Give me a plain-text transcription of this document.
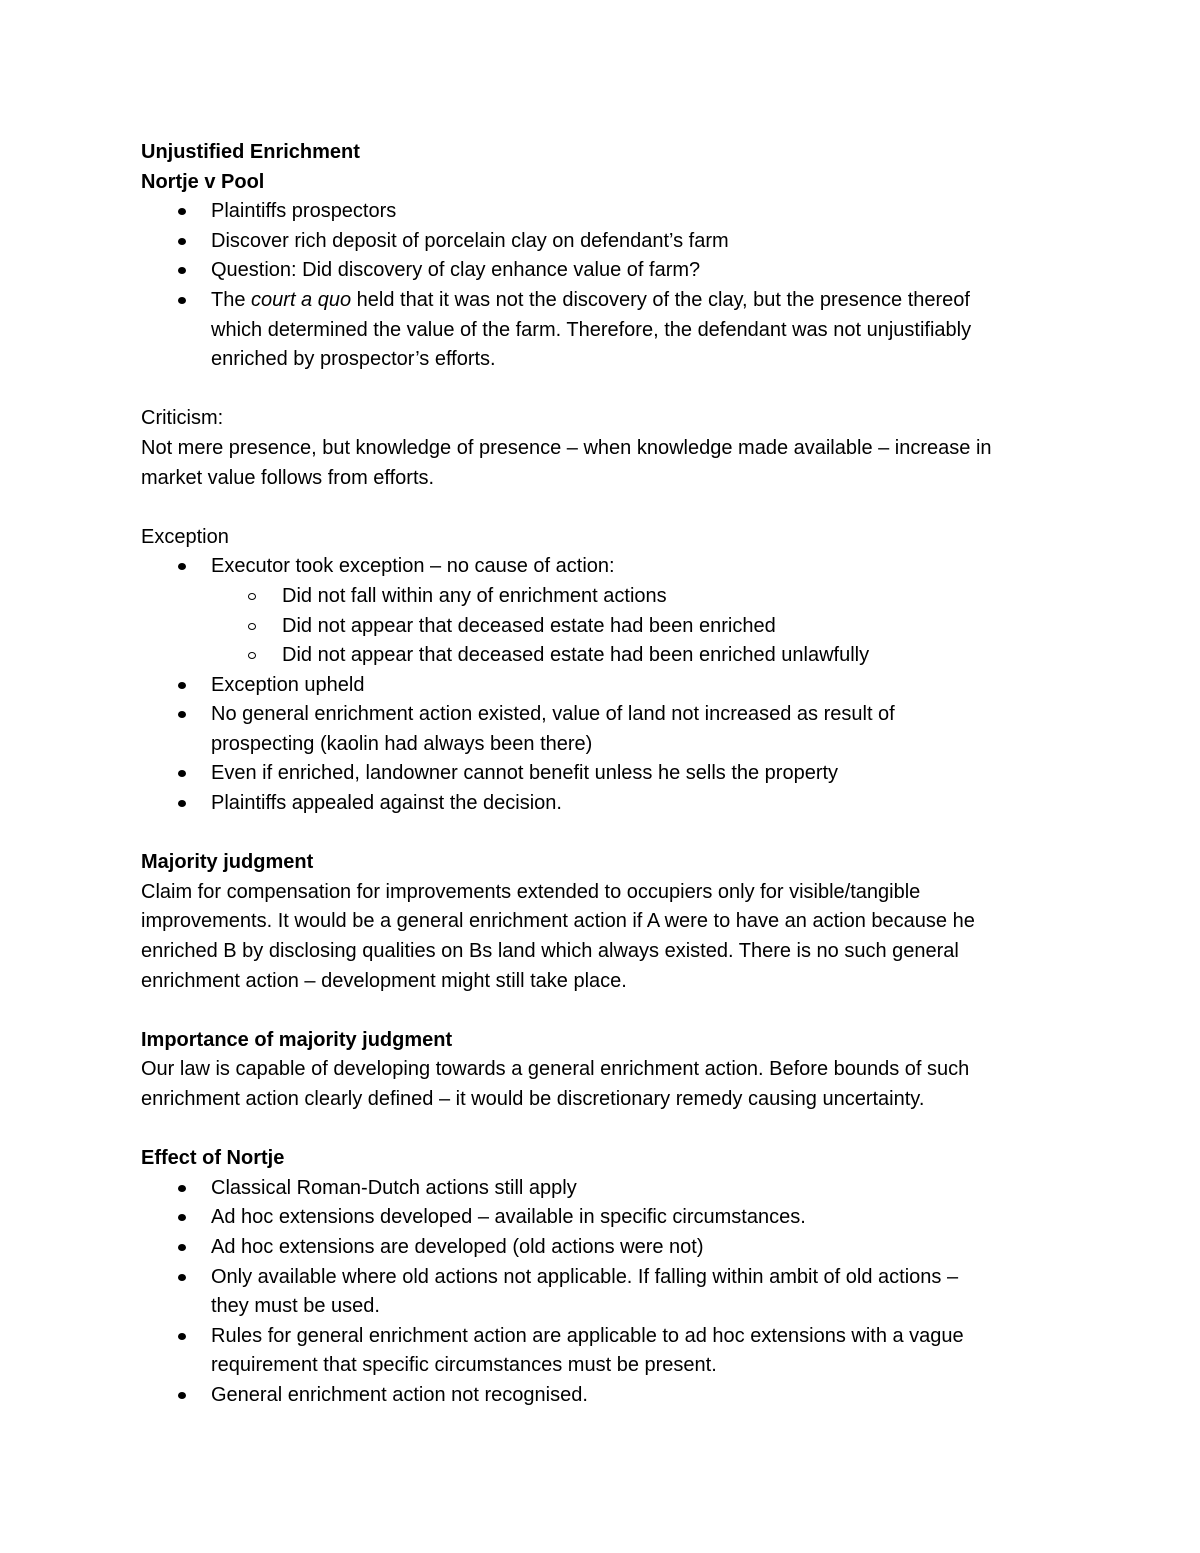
Unjustified Enrichment

Nortje v Pool

Plaintiffs prospectors
Discover rich deposit of porcelain clay on defendant’s farm
Question: Did discovery of clay enhance value of farm?
The court a quo held that it was not the discovery of the clay, but the presence thereof
which determined the value of the farm. Therefore, the defendant was not unjustifiably
enriched by prospector’s efforts.

Criticism:

Not mere presence, but knowledge of presence – when knowledge made available – increase in

market value follows from efforts.

Exception

Executor took exception – no cause of action:
Did not fall within any of enrichment actions
Did not appear that deceased estate had been enriched
Did not appear that deceased estate had been enriched unlawfully
Exception upheld
No general enrichment action existed, value of land not increased as result of
prospecting (kaolin had always been there)
Even if enriched, landowner cannot benefit unless he sells the property
Plaintiffs appealed against the decision.

Majority judgment

Claim for compensation for improvements extended to occupiers only for visible/tangible

improvements. It would be a general enrichment action if A were to have an action because he

enriched B by disclosing qualities on Bs land which always existed. There is no such general

enrichment action – development might still take place.

Importance of majority judgment

Our law is capable of developing towards a general enrichment action. Before bounds of such

enrichment action clearly defined – it would be discretionary remedy causing uncertainty.

Effect of Nortje

Classical Roman-Dutch actions still apply
Ad hoc extensions developed – available in specific circumstances.
Ad hoc extensions are developed (old actions were not)
Only available where old actions not applicable. If falling within ambit of old actions –
they must be used.
Rules for general enrichment action are applicable to ad hoc extensions with a vague
requirement that specific circumstances must be present.
General enrichment action not recognised.
